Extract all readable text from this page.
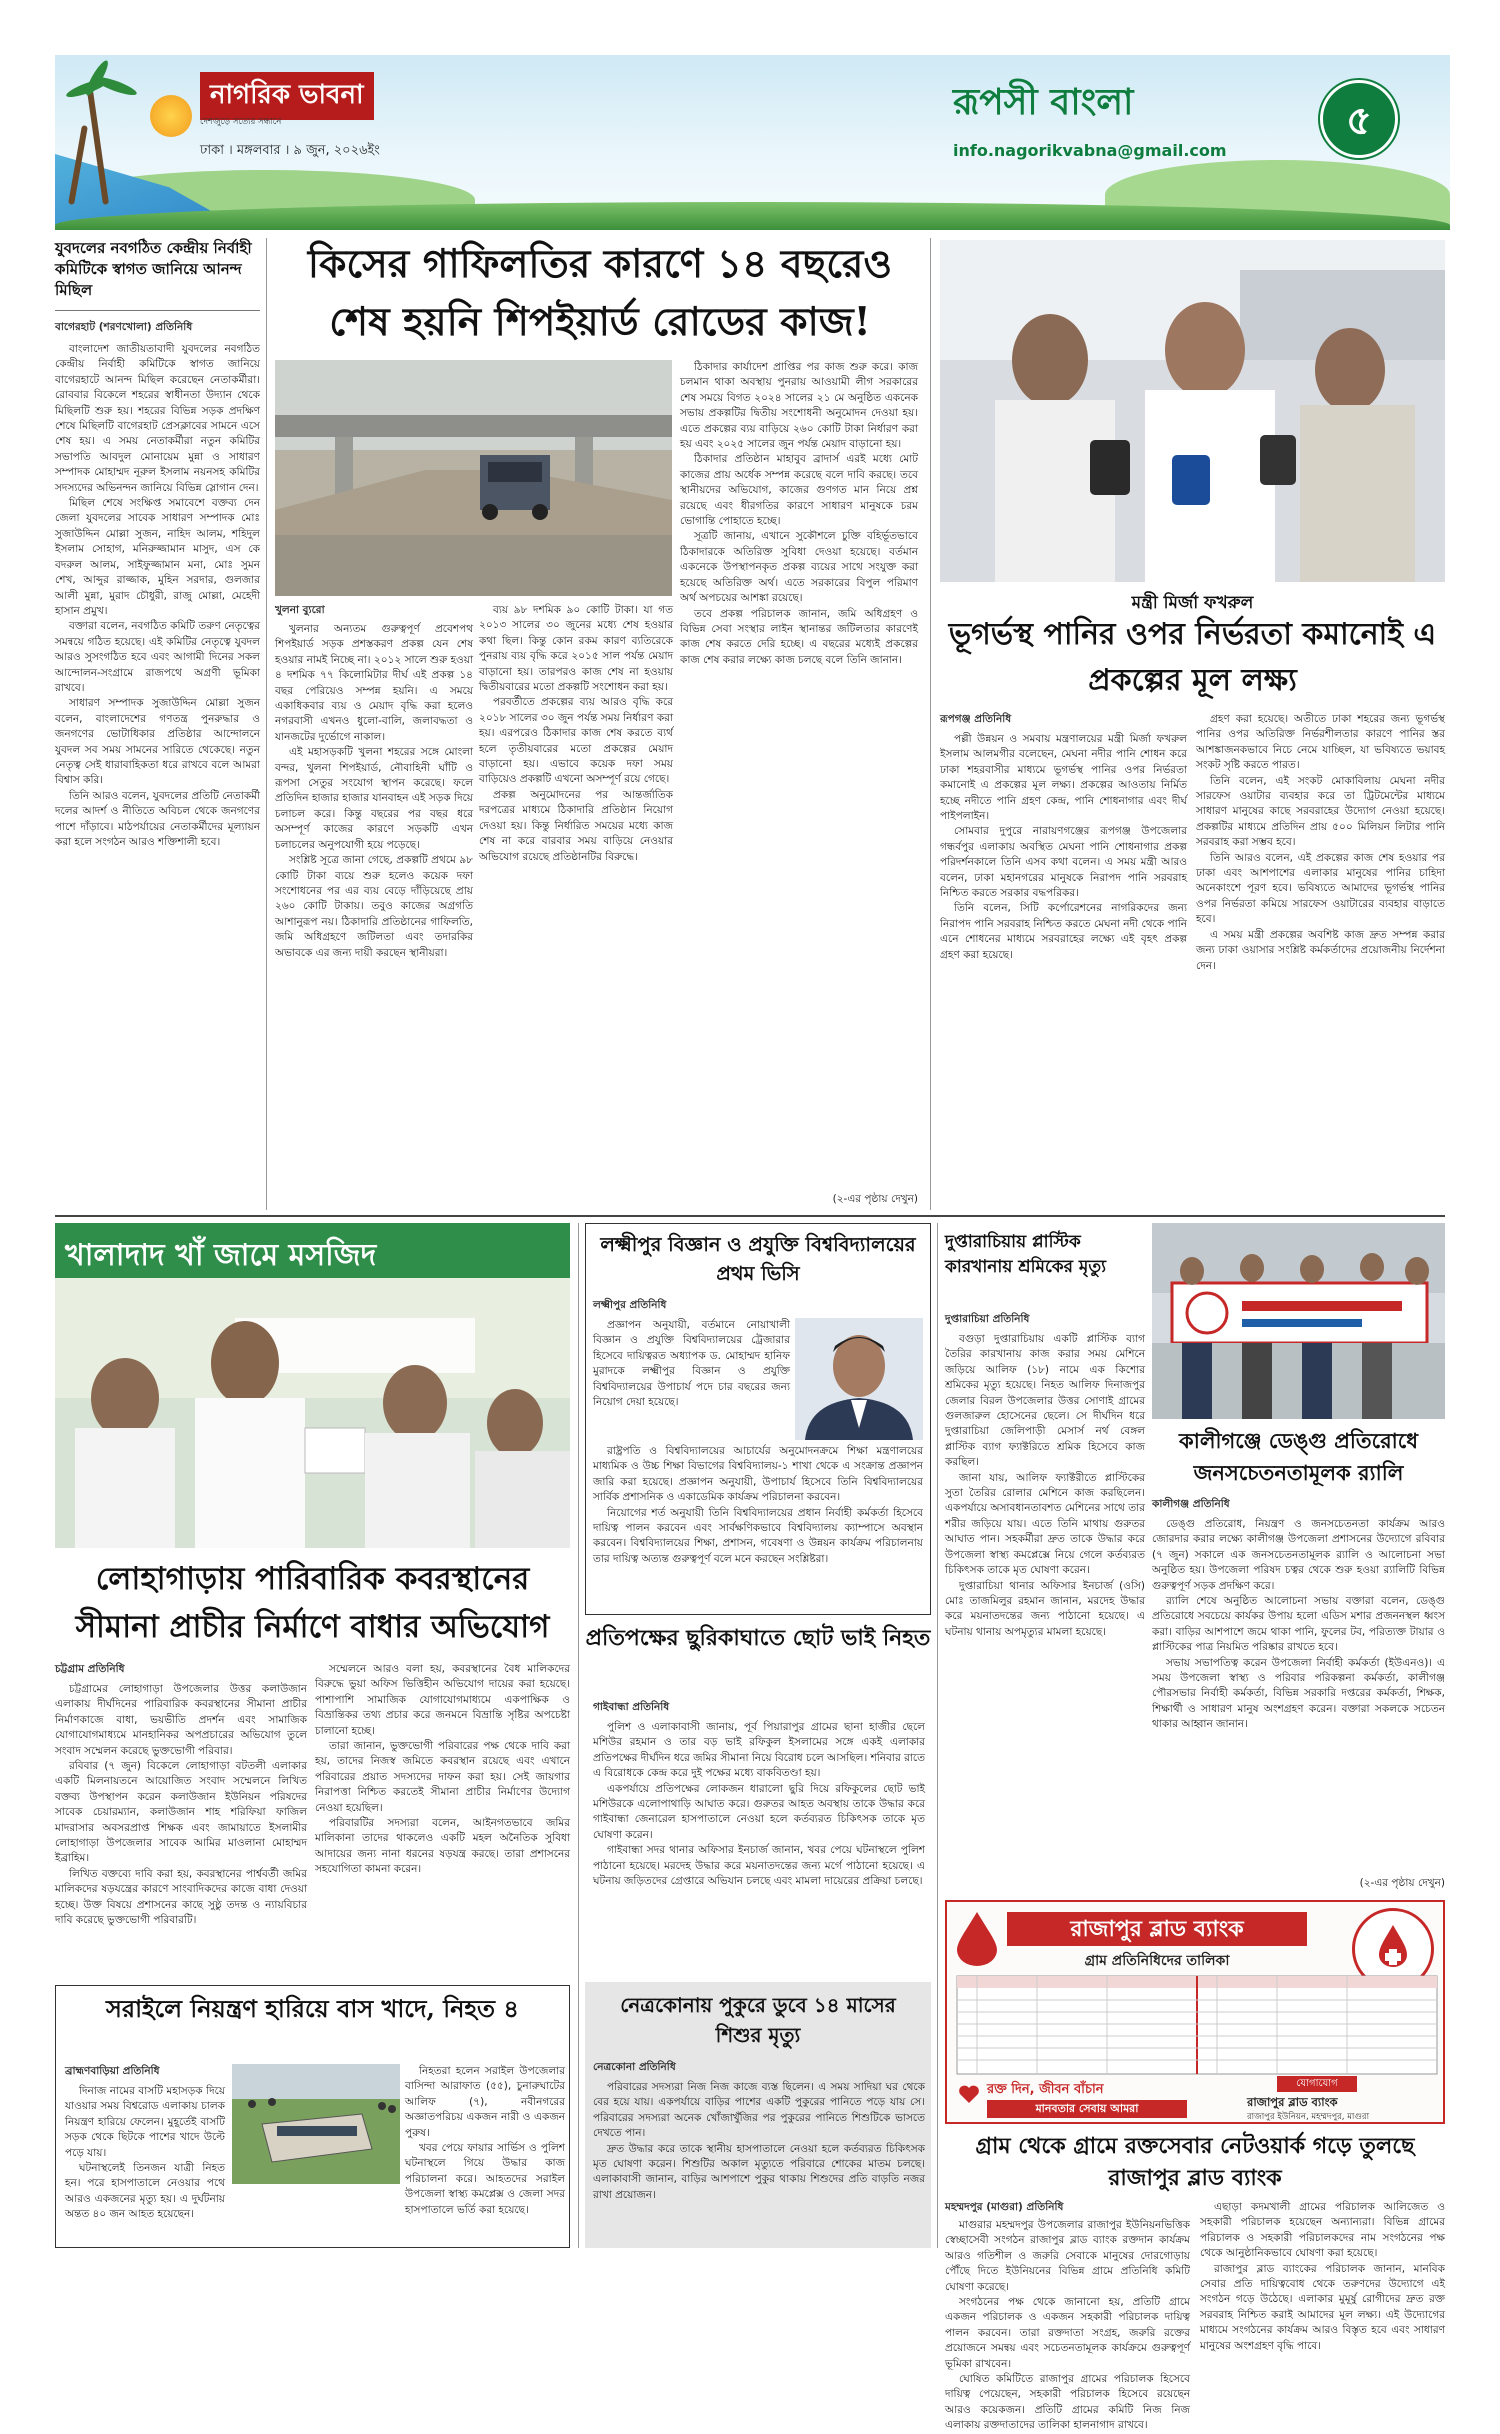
নাগরিক ভাবনা
দেশজুড়ে সত্যের সন্ধানে
ঢাকা । মঙ্গলবার । ৯ জুন, ২০২৬ইং
রূপসী বাংলা
info.nagorikvabna@gmail.com
৫
যুবদলের নবগঠিত কেন্দ্রীয় নির্বাহী কমিটিকে স্বাগত জানিয়ে আনন্দ মিছিল
বাগেরহাট (শরণখোলা) প্রতিনিধি

বাংলাদেশ জাতীয়তাবাদী যুবদলের নবগঠিত কেন্দ্রীয় নির্বাহী কমিটিকে স্বাগত জানিয়ে বাগেরহাটে আনন্দ মিছিল করেছেন নেতাকর্মীরা। রোববার বিকেলে শহরের স্বাধীনতা উদ্যান থেকে মিছিলটি শুরু হয়। শহরের বিভিন্ন সড়ক প্রদক্ষিণ শেষে মিছিলটি বাগেরহাট প্রেসক্লাবের সামনে এসে শেষ হয়। এ সময় নেতাকর্মীরা নতুন কমিটির সভাপতি আবদুল মোনায়েম মুন্না ও সাধারণ সম্পাদক মোহাম্মদ নূরুল ইসলাম নয়নসহ কমিটির সদস্যদের অভিনন্দন জানিয়ে বিভিন্ন স্লোগান দেন।

মিছিল শেষে সংক্ষিপ্ত সমাবেশে বক্তব্য দেন জেলা যুবদলের সাবেক সাধারণ সম্পাদক মোঃ সুজাউদ্দিন মোল্লা সুজন, নাহিদ আলম, শহিদুল ইসলাম সোহাগ, মনিরুজ্জামান মাসুদ, এস কে বদরুল আলম, সাইফুজ্জামান মনা, মোঃ সুমন শেখ, আব্দুর রাজ্জাক, মুহিন সরদার, গুলজার আলী মুন্না, মুরাদ চৌধুরী, রাজু মোল্লা, মেহেদী হাসান প্রমুখ।

বক্তারা বলেন, নবগঠিত কমিটি তরুণ নেতৃত্বের সমন্বয়ে গঠিত হয়েছে। এই কমিটির নেতৃত্বে যুবদল আরও সুসংগঠিত হবে এবং আগামী দিনের সকল আন্দোলন-সংগ্রামে রাজপথে অগ্রণী ভূমিকা রাখবে।

সাধারণ সম্পাদক সুজাউদ্দিন মোল্লা সুজন বলেন, বাংলাদেশের গণতন্ত্র পুনরুদ্ধার ও জনগণের ভোটাধিকার প্রতিষ্ঠার আন্দোলনে যুবদল সব সময় সামনের সারিতে থেকেছে। নতুন নেতৃত্ব সেই ধারাবাহিকতা ধরে রাখবে বলে আমরা বিশ্বাস করি।

তিনি আরও বলেন, যুবদলের প্রতিটি নেতাকর্মী দলের আদর্শ ও নীতিতে অবিচল থেকে জনগণের পাশে দাঁড়াবে। মাঠপর্যায়ের নেতাকর্মীদের মূল্যায়ন করা হলে সংগঠন আরও শক্তিশালী হবে।

কিসের গাফিলতির কারণে ১৪ বছরেও শেষ হয়নি শিপইয়ার্ড রোডের কাজ!
খুলনা ব্যুরো

খুলনার অন্যতম গুরুত্বপূর্ণ প্রবেশপথ শিপইয়ার্ড সড়ক প্রশস্তকরণ প্রকল্প যেন শেষ হওয়ার নামই নিচ্ছে না। ২০১২ সালে শুরু হওয়া ৪ দশমিক ৭৭ কিলোমিটার দীর্ঘ এই প্রকল্প ১৪ বছর পেরিয়েও সম্পন্ন হয়নি। এ সময়ে একাধিকবার ব্যয় ও মেয়াদ বৃদ্ধি করা হলেও নগরবাসী এখনও ধুলো-বালি, জলাবদ্ধতা ও যানজটের দুর্ভোগে নাকাল।

এই মহাসড়কটি খুলনা শহরের সঙ্গে মোংলা বন্দর, খুলনা শিপইয়ার্ড, নৌবাহিনী ঘাঁটি ও রূপসা সেতুর সংযোগ স্থাপন করেছে। ফলে প্রতিদিন হাজার হাজার যানবাহন এই সড়ক দিয়ে চলাচল করে। কিন্তু বছরের পর বছর ধরে অসম্পূর্ণ কাজের কারণে সড়কটি এখন চলাচলের অনুপযোগী হয়ে পড়েছে।

সংশ্লিষ্ট সূত্রে জানা গেছে, প্রকল্পটি প্রথমে ৯৮ কোটি টাকা ব্যয়ে শুরু হলেও কয়েক দফা সংশোধনের পর এর ব্যয় বেড়ে দাঁড়িয়েছে প্রায় ২৬০ কোটি টাকায়। তবুও কাজের অগ্রগতি আশানুরূপ নয়। ঠিকাদারি প্রতিষ্ঠানের গাফিলতি, জমি অধিগ্রহণে জটিলতা এবং তদারকির অভাবকে এর জন্য দায়ী করছেন স্থানীয়রা।

ব্যয় ৯৮ দশমিক ৯০ কোটি টাকা। যা গত ২০১৩ সালের ৩০ জুনের মধ্যে শেষ হওয়ার কথা ছিল। কিন্তু কোন রকম কারণ ব্যতিরেকে পুনরায় ব্যয় বৃদ্ধি করে ২০১৫ সাল পর্যন্ত মেয়াদ বাড়ানো হয়। তারপরও কাজ শেষ না হওয়ায় দ্বিতীয়বারের মতো প্রকল্পটি সংশোধন করা হয়।

পরবর্তীতে প্রকল্পের ব্যয় আরও বৃদ্ধি করে ২০১৮ সালের ৩০ জুন পর্যন্ত সময় নির্ধারণ করা হয়। এরপরেও ঠিকাদার কাজ শেষ করতে ব্যর্থ হলে তৃতীয়বারের মতো প্রকল্পের মেয়াদ বাড়ানো হয়। এভাবে কয়েক দফা সময় বাড়িয়েও প্রকল্পটি এখনো অসম্পূর্ণ রয়ে গেছে।

প্রকল্প অনুমোদনের পর আন্তর্জাতিক দরপত্রের মাধ্যমে ঠিকাদারি প্রতিষ্ঠান নিয়োগ দেওয়া হয়। কিন্তু নির্ধারিত সময়ের মধ্যে কাজ শেষ না করে বারবার সময় বাড়িয়ে নেওয়ার অভিযোগ রয়েছে প্রতিষ্ঠানটির বিরুদ্ধে।

ঠিকাদার কার্যাদেশ প্রাপ্তির পর কাজ শুরু করে। কাজ চলমান থাকা অবস্থায় পুনরায় আওয়ামী লীগ সরকারের শেষ সময়ে বিগত ২০২৪ সালের ২১ মে অনুষ্ঠিত একনেক সভায় প্রকল্পটির দ্বিতীয় সংশোধনী অনুমোদন দেওয়া হয়। এতে প্রকল্পের ব্যয় বাড়িয়ে ২৬০ কোটি টাকা নির্ধারণ করা হয় এবং ২০২৫ সালের জুন পর্যন্ত মেয়াদ বাড়ানো হয়।

ঠিকাদার প্রতিষ্ঠান মাহাবুব ব্রাদার্স এরই মধ্যে মোট কাজের প্রায় অর্ধেক সম্পন্ন করেছে বলে দাবি করছে। তবে স্থানীয়দের অভিযোগ, কাজের গুণগত মান নিয়ে প্রশ্ন রয়েছে এবং ধীরগতির কারণে সাধারণ মানুষকে চরম ভোগান্তি পোহাতে হচ্ছে।

সূত্রটি জানায়, এখানে সুকৌশলে চুক্তি বহির্ভূতভাবে ঠিকাদারকে অতিরিক্ত সুবিধা দেওয়া হয়েছে। বর্তমান একনেকে উপস্থাপনকৃত প্রকল্প ব্যয়ের সাথে সংযুক্ত করা হয়েছে অতিরিক্ত অর্থ। এতে সরকারের বিপুল পরিমাণ অর্থ অপচয়ের আশঙ্কা রয়েছে।

তবে প্রকল্প পরিচালক জানান, জমি অধিগ্রহণ ও বিভিন্ন সেবা সংস্থার লাইন স্থানান্তর জটিলতার কারণেই কাজ শেষ করতে দেরি হচ্ছে। এ বছরের মধ্যেই প্রকল্পের কাজ শেষ করার লক্ষ্যে কাজ চলছে বলে তিনি জানান।

(২-এর পৃষ্ঠায় দেখুন)
মন্ত্রী মির্জা ফখরুল
ভূগর্ভস্থ পানির ওপর নির্ভরতা কমানোই এ প্রকল্পের মূল লক্ষ্য
রূপগঞ্জ প্রতিনিধি

পল্লী উন্নয়ন ও সমবায় মন্ত্রণালয়ের মন্ত্রী মির্জা ফখরুল ইসলাম আলমগীর বলেছেন, মেঘনা নদীর পানি শোধন করে ঢাকা শহরবাসীর মাধ্যমে ভূগর্ভস্থ পানির ওপর নির্ভরতা কমানোই এ প্রকল্পের মূল লক্ষ্য। প্রকল্পের আওতায় নির্মিত হচ্ছে নদীতে পানি গ্রহণ কেন্দ্র, পানি শোধনাগার এবং দীর্ঘ পাইপলাইন।

সোমবার দুপুরে নারায়ণগঞ্জের রূপগঞ্জ উপজেলার গন্ধর্বপুর এলাকায় অবস্থিত মেঘনা পানি শোধনাগার প্রকল্প পরিদর্শনকালে তিনি এসব কথা বলেন। এ সময় মন্ত্রী আরও বলেন, ঢাকা মহানগরের মানুষকে নিরাপদ পানি সরবরাহ নিশ্চিত করতে সরকার বদ্ধপরিকর।

তিনি বলেন, সিটি কর্পোরেশনের নাগরিকদের জন্য নিরাপদ পানি সরবরাহ নিশ্চিত করতে মেঘনা নদী থেকে পানি এনে শোধনের মাধ্যমে সরবরাহের লক্ষ্যে এই বৃহৎ প্রকল্প গ্রহণ করা হয়েছে।

গ্রহণ করা হয়েছে। অতীতে ঢাকা শহরের জন্য ভূগর্ভস্থ পানির ওপর অতিরিক্ত নির্ভরশীলতার কারণে পানির স্তর আশঙ্কাজনকভাবে নিচে নেমে যাচ্ছিল, যা ভবিষ্যতে ভয়াবহ সংকট সৃষ্টি করতে পারত।

তিনি বলেন, এই সংকট মোকাবিলায় মেঘনা নদীর সারফেস ওয়াটার ব্যবহার করে তা ট্রিটমেন্টের মাধ্যমে সাধারণ মানুষের কাছে সরবরাহের উদ্যোগ নেওয়া হয়েছে। প্রকল্পটির মাধ্যমে প্রতিদিন প্রায় ৫০০ মিলিয়ন লিটার পানি সরবরাহ করা সম্ভব হবে।

তিনি আরও বলেন, এই প্রকল্পের কাজ শেষ হওয়ার পর ঢাকা এবং আশপাশের এলাকার মানুষের পানির চাহিদা অনেকাংশে পূরণ হবে। ভবিষ্যতে আমাদের ভূগর্ভস্থ পানির ওপর নির্ভরতা কমিয়ে সারফেস ওয়াটারের ব্যবহার বাড়াতে হবে।

এ সময় মন্ত্রী প্রকল্পের অবশিষ্ট কাজ দ্রুত সম্পন্ন করার জন্য ঢাকা ওয়াসার সংশ্লিষ্ট কর্মকর্তাদের প্রয়োজনীয় নির্দেশনা দেন।

খালাদাদ খাঁ জামে মসজিদ
লোহাগাড়ায় পারিবারিক কবরস্থানের সীমানা প্রাচীর নির্মাণে বাধার অভিযোগ
চট্টগ্রাম প্রতিনিধি

চট্টগ্রামের লোহাগাড়া উপজেলার উত্তর কলাউজান এলাকায় দীর্ঘদিনের পারিবারিক কবরস্থানের সীমানা প্রাচীর নির্মাণকাজে বাধা, ভয়ভীতি প্রদর্শন এবং সামাজিক যোগাযোগমাধ্যমে মানহানিকর অপপ্রচারের অভিযোগ তুলে সংবাদ সম্মেলন করেছে ভুক্তভোগী পরিবার।

রবিবার (৭ জুন) বিকেলে লোহাগাড়া বটতলী এলাকার একটি মিলনায়তনে আয়োজিত সংবাদ সম্মেলনে লিখিত বক্তব্য উপস্থাপন করেন কলাউজান ইউনিয়ন পরিষদের সাবেক চেয়ারম্যান, কলাউজান শাহ শরিফিয়া ফাজিল মাদরাসার অবসরপ্রাপ্ত শিক্ষক এবং জামায়াতে ইসলামীর লোহাগাড়া উপজেলার সাবেক আমির মাওলানা মোহাম্মদ ইব্রাহিম।

লিখিত বক্তব্যে দাবি করা হয়, কবরস্থানের পার্শ্ববর্তী জমির মালিকদের ষড়যন্ত্রের কারণে সাংবাদিকদের কাজে বাধা দেওয়া হচ্ছে। উক্ত বিষয়ে প্রশাসনের কাছে সুষ্ঠু তদন্ত ও ন্যায়বিচার দাবি করেছে ভুক্তভোগী পরিবারটি।

সম্মেলনে আরও বলা হয়, কবরস্থানের বৈধ মালিকদের বিরুদ্ধে ভুয়া অফিস ভিত্তিহীন অভিযোগ দায়ের করা হয়েছে। পাশাপাশি সামাজিক যোগাযোগমাধ্যমে একপাক্ষিক ও বিভ্রান্তিকর তথ্য প্রচার করে জনমনে বিভ্রান্তি সৃষ্টির অপচেষ্টা চালানো হচ্ছে।

তারা জানান, ভুক্তভোগী পরিবারের পক্ষ থেকে দাবি করা হয়, তাদের নিজস্ব জমিতে কবরস্থান রয়েছে এবং এখানে পরিবারের প্রয়াত সদস্যদের দাফন করা হয়। সেই জায়গার নিরাপত্তা নিশ্চিত করতেই সীমানা প্রাচীর নির্মাণের উদ্যোগ নেওয়া হয়েছিল।

পরিবারটির সদস্যরা বলেন, আইনগতভাবে জমির মালিকানা তাদের থাকলেও একটি মহল অনৈতিক সুবিধা আদায়ের জন্য নানা ধরনের ষড়যন্ত্র করছে। তারা প্রশাসনের সহযোগিতা কামনা করেন।

লক্ষ্মীপুর বিজ্ঞান ও প্রযুক্তি বিশ্ববিদ্যালয়ের প্রথম ভিসি
লক্ষ্মীপুর প্রতিনিধি

প্রজ্ঞাপন অনুযায়ী, বর্তমানে নোয়াখালী বিজ্ঞান ও প্রযুক্তি বিশ্ববিদ্যালয়ের ট্রেজারার হিসেবে দায়িত্বরত অধ্যাপক ড. মোহাম্মদ হানিফ মুরাদকে লক্ষ্মীপুর বিজ্ঞান ও প্রযুক্তি বিশ্ববিদ্যালয়ের উপাচার্য পদে চার বছরের জন্য নিয়োগ দেয়া হয়েছে।

রাষ্ট্রপতি ও বিশ্ববিদ্যালয়ের আচার্যের অনুমোদনক্রমে শিক্ষা মন্ত্রণালয়ের মাধ্যমিক ও উচ্চ শিক্ষা বিভাগের বিশ্ববিদ্যালয়-১ শাখা থেকে এ সংক্রান্ত প্রজ্ঞাপন জারি করা হয়েছে। প্রজ্ঞাপন অনুযায়ী, উপাচার্য হিসেবে তিনি বিশ্ববিদ্যালয়ের সার্বিক প্রশাসনিক ও একাডেমিক কার্যক্রম পরিচালনা করবেন।

নিয়োগের শর্ত অনুযায়ী তিনি বিশ্ববিদ্যালয়ের প্রধান নির্বাহী কর্মকর্তা হিসেবে দায়িত্ব পালন করবেন এবং সার্বক্ষণিকভাবে বিশ্ববিদ্যালয় ক্যাম্পাসে অবস্থান করবেন। বিশ্ববিদ্যালয়ের শিক্ষা, প্রশাসন, গবেষণা ও উন্নয়ন কার্যক্রম পরিচালনায় তার দায়িত্ব অত্যন্ত গুরুত্বপূর্ণ বলে মনে করছেন সংশ্লিষ্টরা।

প্রতিপক্ষের ছুরিকাঘাতে ছোট ভাই নিহত
গাইবান্ধা প্রতিনিধি

পুলিশ ও এলাকাবাসী জানায়, পূর্ব পিয়ারাপুর গ্রামের ছানা হাজীর ছেলে মশিউর রহমান ও তার বড় ভাই রফিকুল ইসলামের সঙ্গে একই এলাকার প্রতিপক্ষের দীর্ঘদিন ধরে জমির সীমানা নিয়ে বিরোধ চলে আসছিল। শনিবার রাতে এ বিরোধকে কেন্দ্র করে দুই পক্ষের মধ্যে বাকবিতণ্ডা হয়।

একপর্যায়ে প্রতিপক্ষের লোকজন ধারালো ছুরি দিয়ে রফিকুলের ছোট ভাই মশিউরকে এলোপাথাড়ি আঘাত করে। গুরুতর আহত অবস্থায় তাকে উদ্ধার করে গাইবান্ধা জেনারেল হাসপাতালে নেওয়া হলে কর্তব্যরত চিকিৎসক তাকে মৃত ঘোষণা করেন।

গাইবান্ধা সদর থানার অফিসার ইনচার্জ জানান, খবর পেয়ে ঘটনাস্থলে পুলিশ পাঠানো হয়েছে। মরদেহ উদ্ধার করে ময়নাতদন্তের জন্য মর্গে পাঠানো হয়েছে। এ ঘটনায় জড়িতদের গ্রেপ্তারে অভিযান চলছে এবং মামলা দায়েরের প্রক্রিয়া চলছে।

নেত্রকোনায় পুকুরে ডুবে ১৪ মাসের শিশুর মৃত্যু
নেত্রকোনা প্রতিনিধি

পরিবারের সদস্যরা নিজ নিজ কাজে ব্যস্ত ছিলেন। এ সময় সাদিয়া ঘর থেকে বের হয়ে যায়। একপর্যায়ে বাড়ির পাশের একটি পুকুরের পানিতে পড়ে যায় সে। পরিবারের সদস্যরা অনেক খোঁজাখুঁজির পর পুকুরের পানিতে শিশুটিকে ভাসতে দেখতে পান।

দ্রুত উদ্ধার করে তাকে স্থানীয় হাসপাতালে নেওয়া হলে কর্তব্যরত চিকিৎসক মৃত ঘোষণা করেন। শিশুটির অকাল মৃত্যুতে পরিবারে শোকের মাতম চলছে। এলাকাবাসী জানান, বাড়ির আশপাশে পুকুর থাকায় শিশুদের প্রতি বাড়তি নজর রাখা প্রয়োজন।

দুপ্তারাচিয়ায় প্লাস্টিক কারখানায় শ্রমিকের মৃত্যু
দুপ্তারাচিয়া প্রতিনিধি

বগুড়া দুপ্তারাচিয়ায় একটি প্লাস্টিক ব্যাগ তৈরির কারখানায় কাজ করার সময় মেশিনে জড়িয়ে আলিফ (১৮) নামে এক কিশোর শ্রমিকের মৃত্যু হয়েছে। নিহত আলিফ দিনাজপুর জেলার বিরল উপজেলার উত্তর সোণাই গ্রামের গুলজারুল হোসেনের ছেলে। সে দীর্ঘদিন ধরে দুপ্তারাচিয়া জেলিপাড়ী মেসার্স নর্থ বেঙ্গল প্লাস্টিক ব্যাগ ফ্যাক্টরিতে শ্রমিক হিসেবে কাজ করছিল।

জানা যায়, আলিফ ফ্যাক্টরীতে প্লাস্টিকের সুতা তৈরির রোলার মেশিনে কাজ করছিলেন। একপর্যায়ে অসাবধানতাবশত মেশিনের সাথে তার শরীর জড়িয়ে যায়। এতে তিনি মাথায় গুরুতর আঘাত পান। সহকর্মীরা দ্রুত তাকে উদ্ধার করে উপজেলা স্বাস্থ্য কমপ্লেক্সে নিয়ে গেলে কর্তব্যরত চিকিৎসক তাকে মৃত ঘোষণা করেন।

দুপ্তারাচিয়া থানার অফিসার ইনচার্জ (ওসি) মোঃ তাজমিলুর রহমান জানান, মরদেহ উদ্ধার করে ময়নাতদন্তের জন্য পাঠানো হয়েছে। এ ঘটনায় থানায় অপমৃত্যুর মামলা হয়েছে।

কালীগঞ্জে ডেঙ্গু প্রতিরোধে জনসচেতনতামূলক র‍্যালি
কালীগঞ্জ প্রতিনিধি

ডেঙ্গু প্রতিরোধ, নিয়ন্ত্রণ ও জনসচেতনতা কার্যক্রম আরও জোরদার করার লক্ষ্যে কালীগঞ্জ উপজেলা প্রশাসনের উদ্যোগে রবিবার (৭ জুন) সকালে এক জনসচেতনতামূলক র‍্যালি ও আলোচনা সভা অনুষ্ঠিত হয়। উপজেলা পরিষদ চত্বর থেকে শুরু হওয়া র‍্যালিটি বিভিন্ন গুরুত্বপূর্ণ সড়ক প্রদক্ষিণ করে।

র‍্যালি শেষে অনুষ্ঠিত আলোচনা সভায় বক্তারা বলেন, ডেঙ্গু প্রতিরোধে সবচেয়ে কার্যকর উপায় হলো এডিস মশার প্রজননস্থল ধ্বংস করা। বাড়ির আশপাশে জমে থাকা পানি, ফুলের টব, পরিত্যক্ত টায়ার ও প্লাস্টিকের পাত্র নিয়মিত পরিষ্কার রাখতে হবে।

সভায় সভাপতিত্ব করেন উপজেলা নির্বাহী কর্মকর্তা (ইউএনও)। এ সময় উপজেলা স্বাস্থ্য ও পরিবার পরিকল্পনা কর্মকর্তা, কালীগঞ্জ পৌরসভার নির্বাহী কর্মকর্তা, বিভিন্ন সরকারি দপ্তরের কর্মকর্তা, শিক্ষক, শিক্ষার্থী ও সাধারণ মানুষ অংশগ্রহণ করেন। বক্তারা সকলকে সচেতন থাকার আহ্বান জানান।

(২-এর পৃষ্ঠায় দেখুন)
রাজাপুর ব্লাড ব্যাংক
গ্রাম প্রতিনিধিদের তালিকা
রক্ত দিন, জীবন বাঁচান
মানবতার সেবায় আমরা
যোগাযোগ
রাজাপুর ব্লাড ব্যাংক
রাজাপুর ইউনিয়ন, মহম্মদপুর, মাগুরা
গ্রাম থেকে গ্রামে রক্তসেবার নেটওয়ার্ক গড়ে তুলছে রাজাপুর ব্লাড ব্যাংক
মহম্মদপুর (মাগুরা) প্রতিনিধি

মাগুরার মহম্মদপুর উপজেলার রাজাপুর ইউনিয়নভিত্তিক স্বেচ্ছাসেবী সংগঠন রাজাপুর ব্লাড ব্যাংক রক্তদান কার্যক্রম আরও গতিশীল ও জরুরি সেবাকে মানুষের দোরগোড়ায় পৌঁছে দিতে ইউনিয়নের বিভিন্ন গ্রামে প্রতিনিধি কমিটি ঘোষণা করেছে।

সংগঠনের পক্ষ থেকে জানানো হয়, প্রতিটি গ্রামে একজন পরিচালক ও একজন সহকারী পরিচালক দায়িত্ব পালন করবেন। তারা রক্তদাতা সংগ্রহ, জরুরি রক্তের প্রয়োজনে সমন্বয় এবং সচেতনতামূলক কার্যক্রমে গুরুত্বপূর্ণ ভূমিকা রাখবেন।

ঘোষিত কমিটিতে রাজাপুর গ্রামের পরিচালক হিসেবে দায়িত্ব পেয়েছেন, সহকারী পরিচালক হিসেবে রয়েছেন আরও কয়েকজন। প্রতিটি গ্রামের কমিটি নিজ নিজ এলাকায় রক্তদাতাদের তালিকা হালনাগাদ রাখবে।

এছাড়া কদমখালী গ্রামের পরিচালক আলিজেত ও সহকারী পরিচালক হয়েছেন অন্যান্যরা। বিভিন্ন গ্রামের পরিচালক ও সহকারী পরিচালকদের নাম সংগঠনের পক্ষ থেকে আনুষ্ঠানিকভাবে ঘোষণা করা হয়েছে।

রাজাপুর ব্লাড ব্যাংকের পরিচালক জানান, মানবিক সেবার প্রতি দায়িত্ববোধ থেকে তরুণদের উদ্যোগে এই সংগঠন গড়ে উঠেছে। এলাকার মুমূর্ষু রোগীদের দ্রুত রক্ত সরবরাহ নিশ্চিত করাই আমাদের মূল লক্ষ্য। এই উদ্যোগের মাধ্যমে সংগঠনের কার্যক্রম আরও বিস্তৃত হবে এবং সাধারণ মানুষের অংশগ্রহণ বৃদ্ধি পাবে।

সরাইলে নিয়ন্ত্রণ হারিয়ে বাস খাদে, নিহত ৪
ব্রাহ্মণবাড়িয়া প্রতিনিধি

দিনাজ নামের বাসটি মহাসড়ক দিয়ে যাওয়ার সময় বিশ্বরোড এলাকায় চালক নিয়ন্ত্রণ হারিয়ে ফেলেন। মুহূর্তেই বাসটি সড়ক থেকে ছিটকে পাশের খাদে উল্টে পড়ে যায়।

ঘটনাস্থলেই তিনজন যাত্রী নিহত হন। পরে হাসপাতালে নেওয়ার পথে আরও একজনের মৃত্যু হয়। এ দুর্ঘটনায় অন্তত ৪০ জন আহত হয়েছেন।

নিহতরা হলেন সরাইল উপজেলার বাসিন্দা আরাফাত (৫৫), চুনারুঘাটের আলিফ (৭), নবীনগরের অজ্ঞাতপরিচয় একজন নারী ও একজন পুরুষ।

খবর পেয়ে ফায়ার সার্ভিস ও পুলিশ ঘটনাস্থলে গিয়ে উদ্ধার কাজ পরিচালনা করে। আহতদের সরাইল উপজেলা স্বাস্থ্য কমপ্লেক্স ও জেলা সদর হাসপাতালে ভর্তি করা হয়েছে।
